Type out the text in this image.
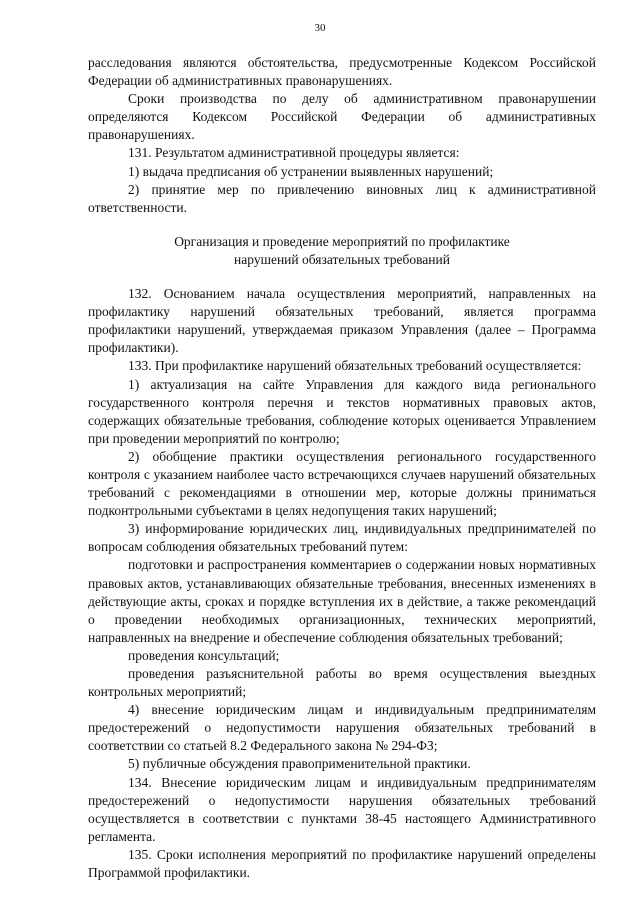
30

расследования являются обстоятельства, предусмотренные Кодексом Российской Федерации об административных правонарушениях.

Сроки производства по делу об административном правонарушении определяются Кодексом Российской Федерации об административных правонарушениях.

131. Результатом административной процедуры является:

1) выдача предписания об устранении выявленных нарушений;

2) принятие мер по привлечению виновных лиц к административной ответственности.

Организация и проведение мероприятий по профилактике
нарушений обязательных требований

132. Основанием начала осуществления мероприятий, направленных на профилактику нарушений обязательных требований, является программа профилактики нарушений, утверждаемая приказом Управления (далее – Программа профилактики).

133. При профилактике нарушений обязательных требований осуществляется:

1) актуализация на сайте Управления для каждого вида регионального государственного контроля перечня и текстов нормативных правовых актов, содержащих обязательные требования, соблюдение которых оценивается Управлением при проведении мероприятий по контролю;

2) обобщение практики осуществления регионального государственного контроля с указанием наиболее часто встречающихся случаев нарушений обязательных требований с рекомендациями в отношении мер, которые должны приниматься подконтрольными субъектами в целях недопущения таких нарушений;

3) информирование юридических лиц, индивидуальных предпринимателей по вопросам соблюдения обязательных требований путем:

подготовки и распространения комментариев о содержании новых нормативных правовых актов, устанавливающих обязательные требования, внесенных изменениях в действующие акты, сроках и порядке вступления их в действие, а также рекомендаций о проведении необходимых организационных, технических мероприятий, направленных на внедрение и обеспечение соблюдения обязательных требований;

проведения консультаций;

проведения разъяснительной работы во время осуществления выездных контрольных мероприятий;

4) внесение юридическим лицам и индивидуальным предпринимателям предостережений о недопустимости нарушения обязательных требований в соответствии со статьей 8.2 Федерального закона № 294-ФЗ;

5) публичные обсуждения правоприменительной практики.

134. Внесение юридическим лицам и индивидуальным предпринимателям предостережений о недопустимости нарушения обязательных требований осуществляется в соответствии с пунктами 38-45 настоящего Административного регламента.

135. Сроки исполнения мероприятий по профилактике нарушений определены Программой профилактики.
